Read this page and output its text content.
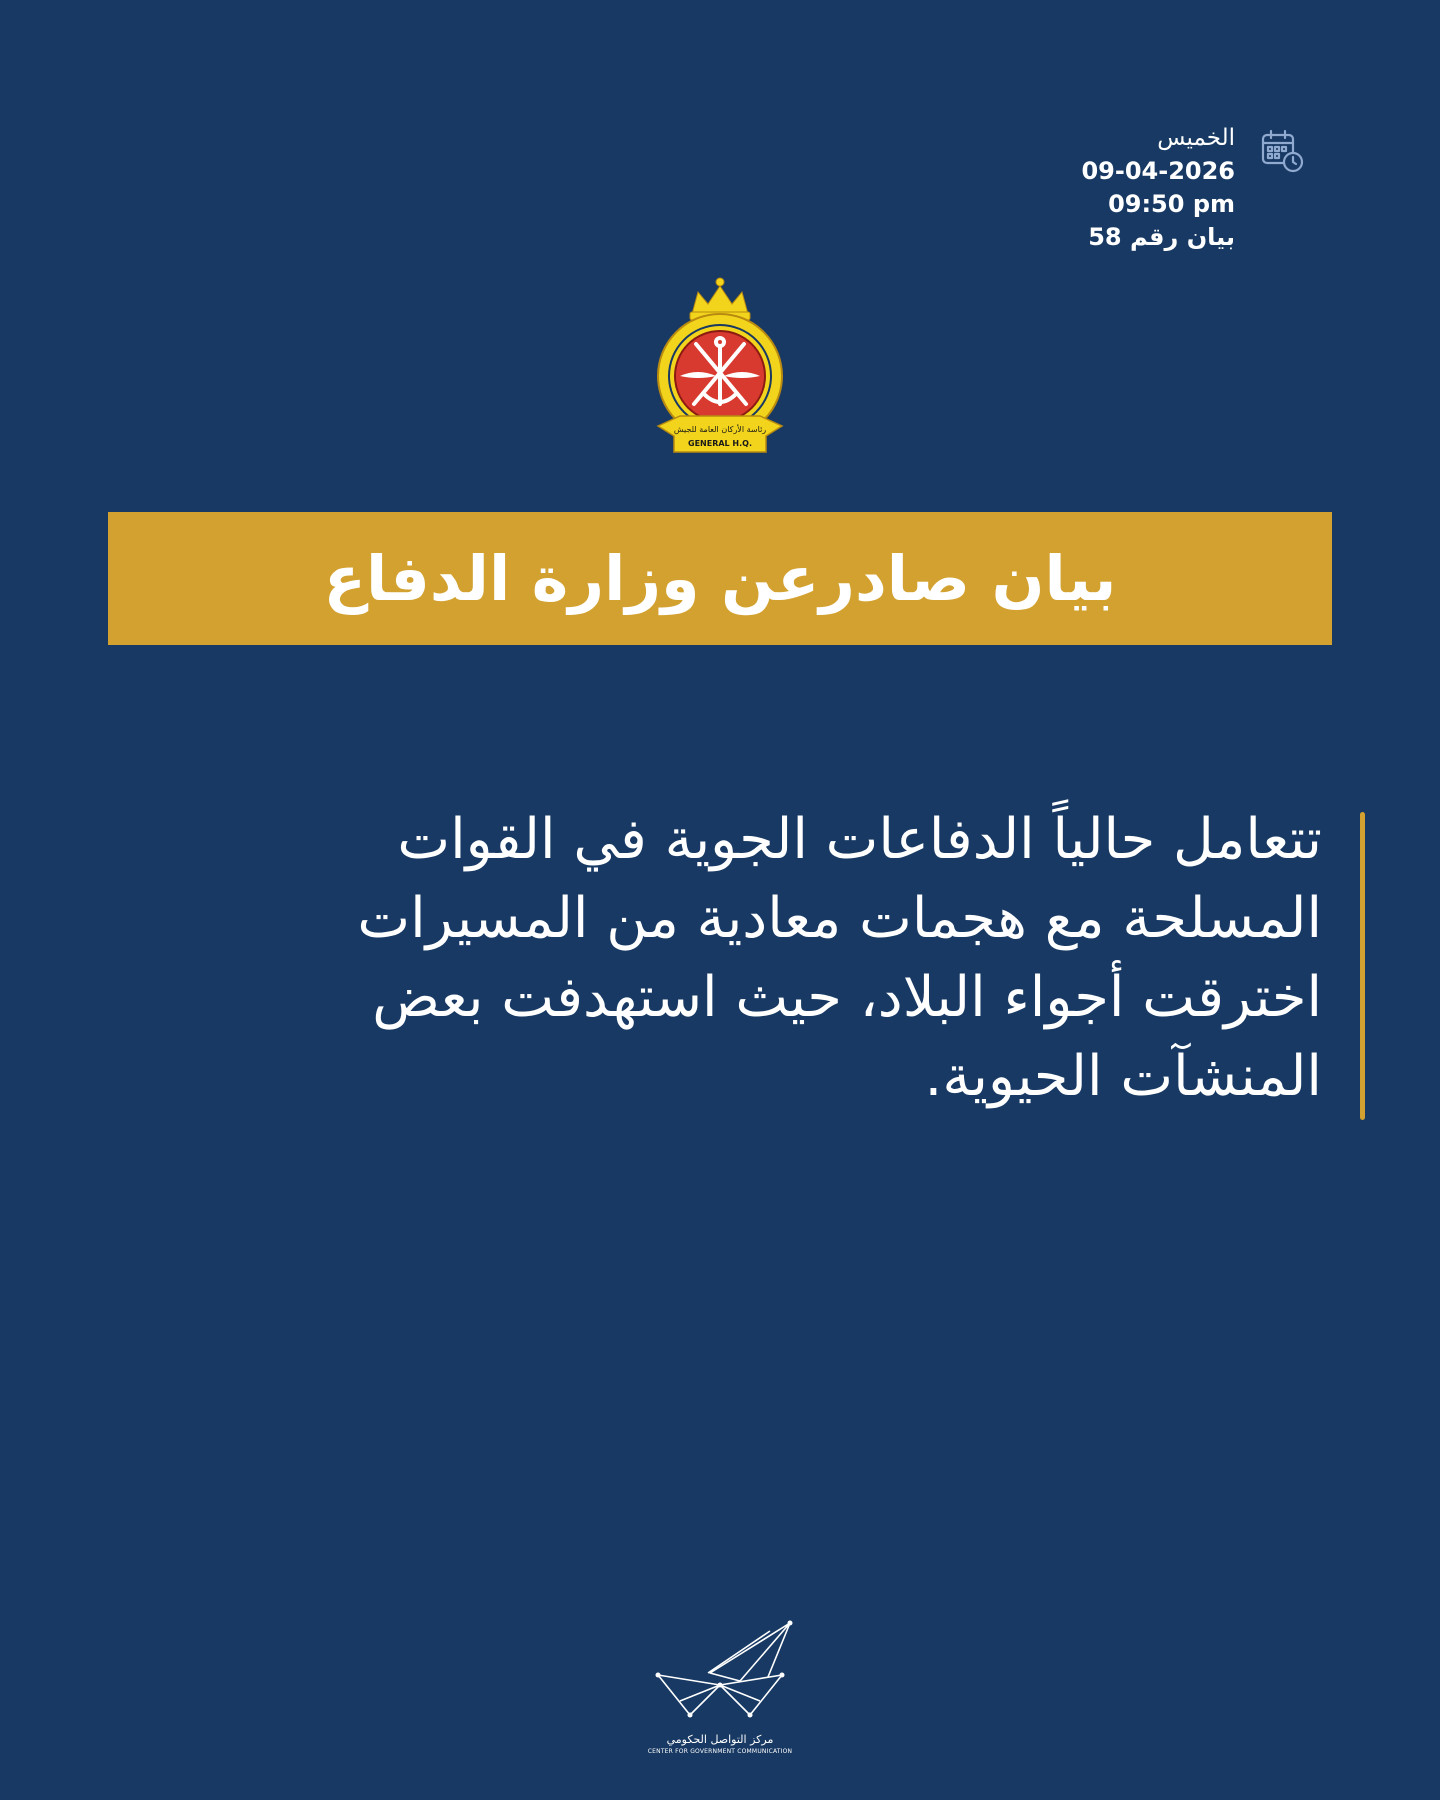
الخميس
09-04-2026
09:50 pm
بيان رقم 58
رئاسة الأركان العامة للجيش
GENERAL H.Q.
بيان صادرعن وزارة الدفاع
تتعامل حالياً الدفاعات الجوية في القوات
المسلحة مع هجمات معادية من المسيرات
اخترقت أجواء البلاد، حيث استهدفت بعض
المنشآت الحيوية.
مركز التواصل الحكومي
CENTER FOR GOVERNMENT COMMUNICATION
